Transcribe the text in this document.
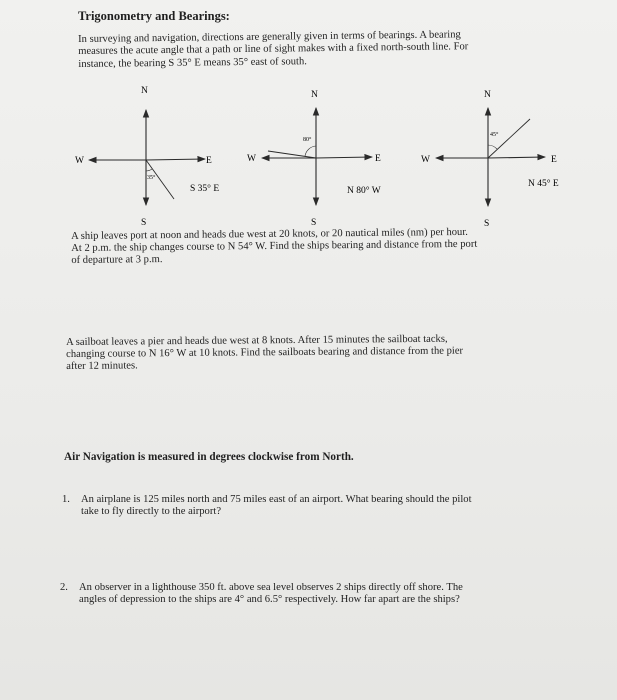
Trigonometry and Bearings:
In surveying and navigation, directions are generally given in terms of bearings. A bearing
measures the acute angle that a path or line of sight makes with a fixed north-south line. For
instance, the bearing S 35° E means 35° east of south.
N
S
E
W
35°
S 35° E
N
S
E
W
80°
N 80° W
N
S
E
W
45°
N 45° E
A ship leaves port at noon and heads due west at 20 knots, or 20 nautical miles (nm) per hour.
At 2 p.m. the ship changes course to N 54° W. Find the ships bearing and distance from the port
of departure at 3 p.m.
A sailboat leaves a pier and heads due west at 8 knots. After 15 minutes the sailboat tacks,
changing course to N 16° W at 10 knots. Find the sailboats bearing and distance from the pier
after 12 minutes.
Air Navigation is measured in degrees clockwise from North.
1. An airplane is 125 miles north and 75 miles east of an airport. What bearing should the pilot
take to fly directly to the airport?
2. An observer in a lighthouse 350 ft. above sea level observes 2 ships directly off shore. The
angles of depression to the ships are 4° and 6.5° respectively. How far apart are the ships?
